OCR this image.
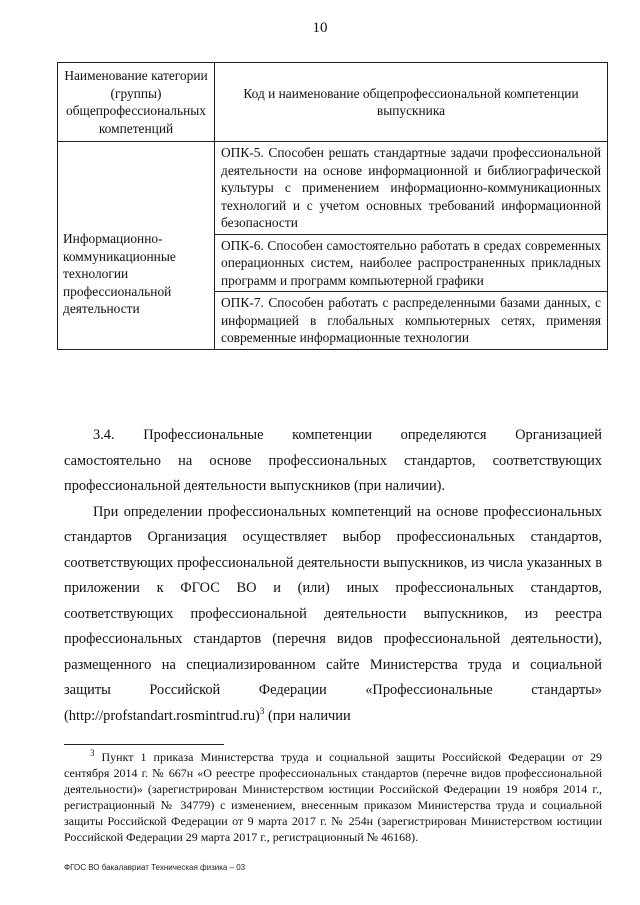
10
Наименование категории (группы) общепрофессиональных компетенций	Код и наименование общепрофессиональной компетенции выпускника
Информационно-коммуникационные технологии профессиональной деятельности	ОПК-5. Способен решать стандартные задачи профессиональной деятельности на основе информационной и библиографической культуры с применением информационно-коммуникационных технологий и с учетом основных требований информационной безопасности
	ОПК-6. Способен самостоятельно работать в средах современных операционных систем, наиболее распространенных прикладных программ и программ компьютерной графики
	ОПК-7. Способен работать с распределенными базами данных, с информацией в глобальных компьютерных сетях, применяя современные информационные технологии

3.4. Профессиональные компетенции определяются Организацией самостоятельно на основе профессиональных стандартов, соответствующих профессиональной деятельности выпускников (при наличии).

При определении профессиональных компетенций на основе профессиональных стандартов Организация осуществляет выбор профессиональных стандартов, соответствующих профессиональной деятельности выпускников, из числа указанных в приложении к ФГОС ВО и (или) иных профессиональных стандартов, соответствующих профессиональной деятельности выпускников, из реестра профессиональных стандартов (перечня видов профессиональной деятельности), размещенного на специализированном сайте Министерства труда и социальной защиты Российской Федерации «Профессиональные стандарты» (http://profstandart.rosmintrud.ru)$^3$ (при наличии

$^3$ Пункт 1 приказа Министерства труда и социальной защиты Российской Федерации от 29 сентября 2014 г. № 667н «О реестре профессиональных стандартов (перечне видов профессиональной деятельности)» (зарегистрирован Министерством юстиции Российской Федерации 19 ноября 2014 г., регистрационный № 34779) с изменением, внесенным приказом Министерства труда и социальной защиты Российской Федерации от 9 марта 2017 г. № 254н (зарегистрирован Министерством юстиции Российской Федерации 29 марта 2017 г., регистрационный № 46168).

ФГОС ВО бакалавриат Техническая физика – 03
